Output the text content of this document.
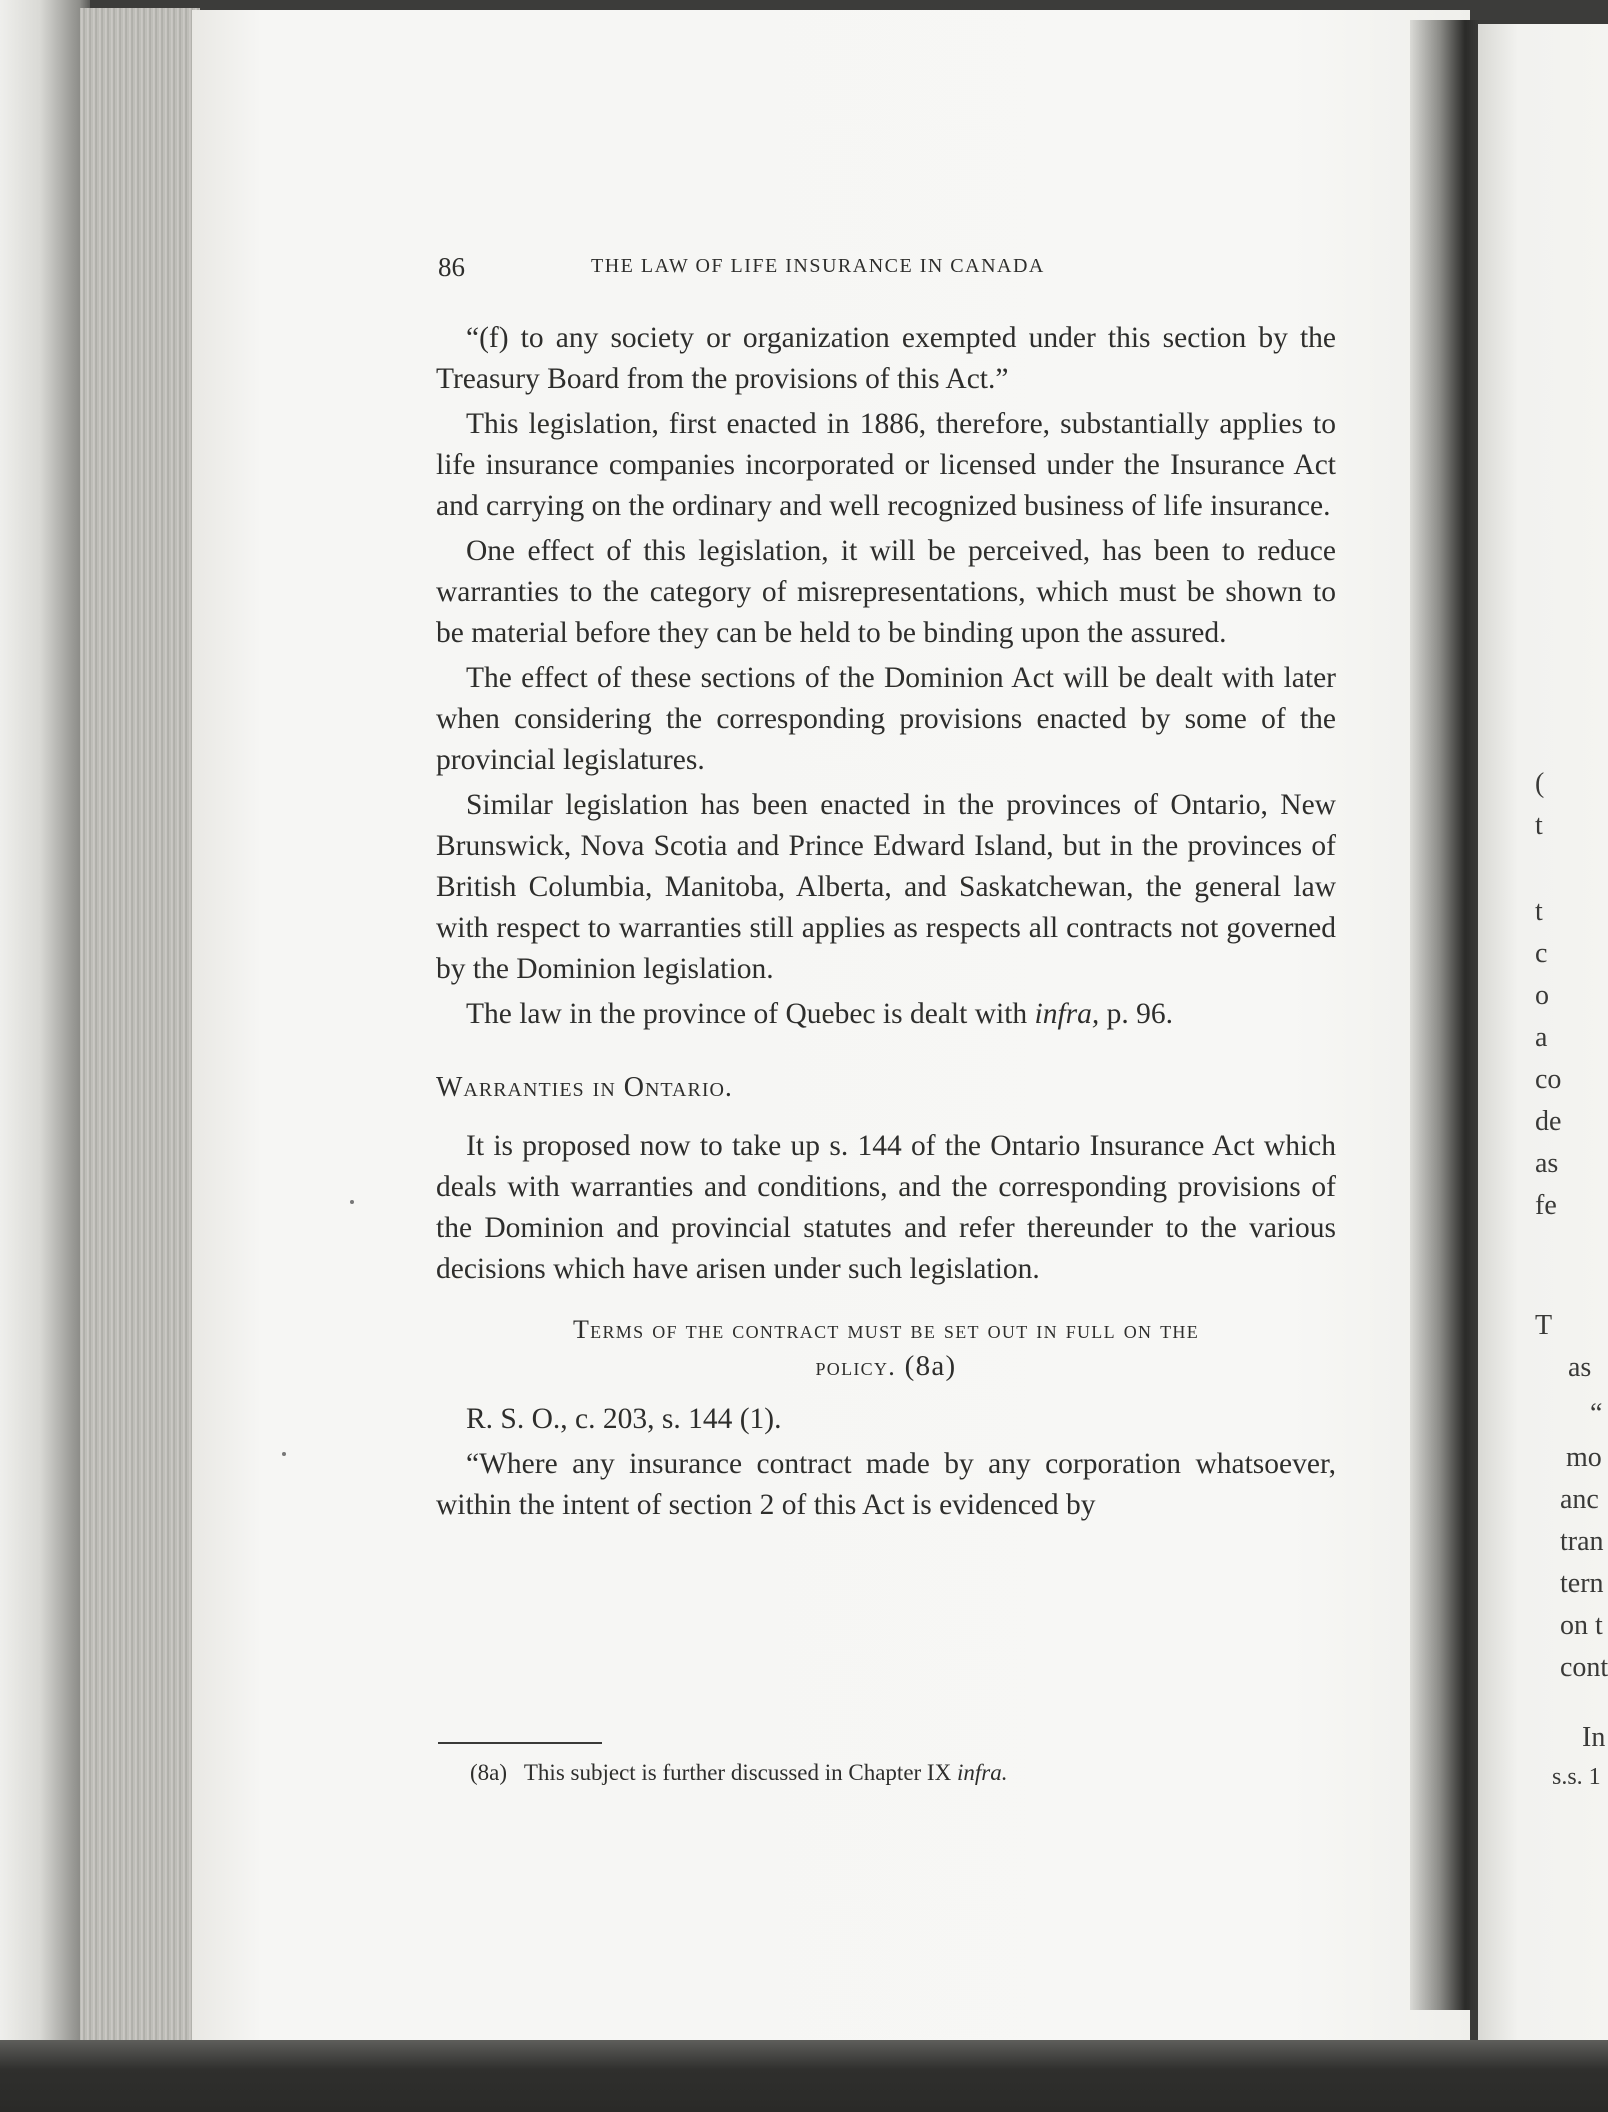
86	THE LAW OF LIFE INSURANCE IN CANADA

“(f) to any society or organization exempted under this section by the Treasury Board from the provisions of this Act.”

This legislation, first enacted in 1886, therefore, substantially applies to life insurance companies incorporated or licensed under the Insurance Act and carrying on the ordinary and well recognized business of life insurance.

One effect of this legislation, it will be perceived, has been to reduce warranties to the category of misrepresentations, which must be shown to be material before they can be held to be binding upon the assured.

The effect of these sections of the Dominion Act will be dealt with later when considering the corresponding provisions enacted by some of the provincial legislatures.

Similar legislation has been enacted in the provinces of Ontario, New Brunswick, Nova Scotia and Prince Edward Island, but in the provinces of British Columbia, Manitoba, Alberta, and Saskatchewan, the general law with respect to warranties still applies as respects all contracts not governed by the Dominion legislation.

The law in the province of Quebec is dealt with infra, p. 96.

Warranties in Ontario.

It is proposed now to take up s. 144 of the Ontario Insurance Act which deals with warranties and conditions, and the corresponding provisions of the Dominion and provincial statutes and refer thereunder to the various decisions which have arisen under such legislation.

Terms of the contract must be set out in full on the
policy. (8a)

R. S. O., c. 203, s. 144 (1).

“Where any insurance contract made by any corporation whatsoever, within the intent of section 2 of this Act is evidenced by

(8a) This subject is further discussed in Chapter IX infra.
(
t
t
c
o
a
co
de
as
fe
T
as
“
mo
anc
tran
tern
on t
cont
In
s.s. 1
